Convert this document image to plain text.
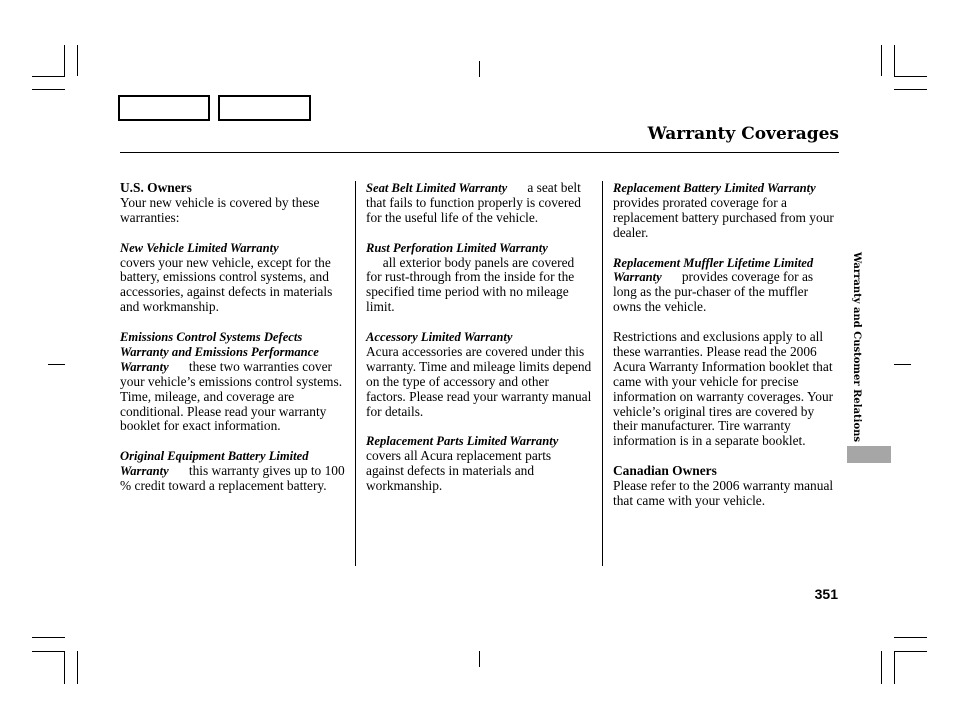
Warranty Coverages

U.S. Owners
Your new vehicle is covered by these warranties:

New Vehicle Limited Warranty
covers your new vehicle, except for the battery, emissions control systems, and accessories, against defects in materials and workmanship.

Emissions Control Systems Defects Warranty and Emissions Performance Warranty these two warranties cover your vehicle’s emissions control systems. Time, mileage, and coverage are conditional. Please read your warranty booklet for exact information.

Original Equipment Battery Limited Warranty this warranty gives up to 100 % credit toward a replacement battery.

Seat Belt Limited Warranty a seat belt that fails to function properly is covered for the useful life of the vehicle.

Rust Perforation Limited Warranty
all exterior body panels are covered for rust-through from the inside for the specified time period with no mileage limit.

Accessory Limited Warranty
Acura accessories are covered under this warranty. Time and mileage limits depend on the type of accessory and other factors. Please read your warranty manual for details.

Replacement Parts Limited Warranty      covers all Acura replacement parts against defects in materials and workmanship.

Replacement Battery Limited Warranty      provides prorated coverage for a replacement battery purchased from your dealer.

Replacement Muffler Lifetime Limited Warranty provides coverage for as long as the pur-chaser of the muffler owns the vehicle.

Restrictions and exclusions apply to all these warranties. Please read the 2006 Acura Warranty Information booklet that came with your vehicle for precise information on warranty coverages. Your vehicle’s original tires are covered by their manufacturer. Tire warranty information is in a separate booklet.

Canadian Owners
Please refer to the 2006 warranty manual that came with your vehicle.

Warranty and Customer Relations
351
